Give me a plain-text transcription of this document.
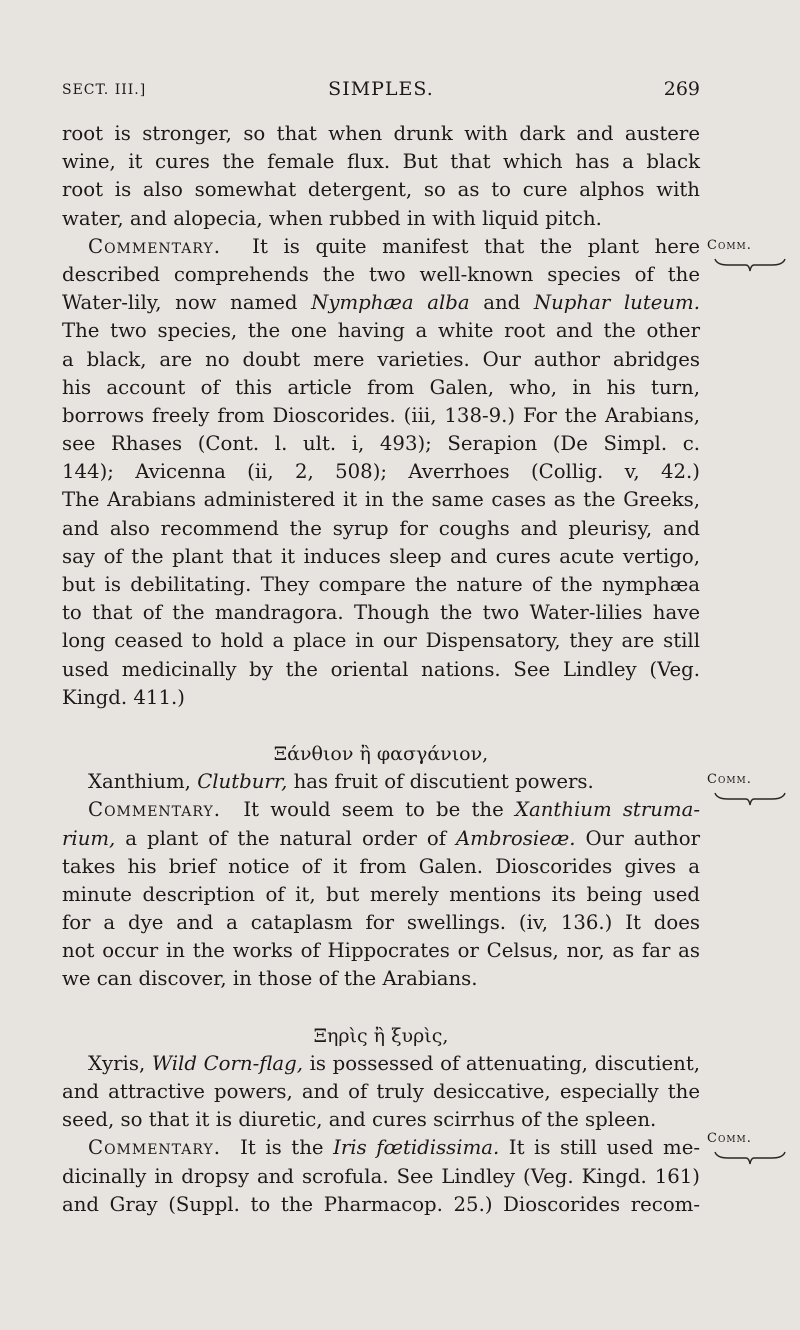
SECT. III.]	SIMPLES.	269
root is stronger, so that when drunk with dark and austere
wine, it cures the female flux. But that which has a black
root is also somewhat detergent, so as to cure alphos with
water, and alopecia, when rubbed in with liquid pitch.
Commentary. It is quite manifest that the plant here
described comprehends the two well-known species of the
Water-lily, now named Nymphæa alba and Nuphar luteum.
The two species, the one having a white root and the other
a black, are no doubt mere varieties. Our author abridges
his account of this article from Galen, who, in his turn,
borrows freely from Dioscorides. (iii, 138-9.) For the Arabians,
see Rhases (Cont. l. ult. i, 493); Serapion (De Simpl. c.
144); Avicenna (ii, 2, 508); Averrhoes (Collig. v, 42.)
The Arabians administered it in the same cases as the Greeks,
and also recommend the syrup for coughs and pleurisy, and
say of the plant that it induces sleep and cures acute vertigo,
but is debilitating. They compare the nature of the nymphæa
to that of the mandragora. Though the two Water-lilies have
long ceased to hold a place in our Dispensatory, they are still
used medicinally by the oriental nations. See Lindley (Veg.
Kingd. 411.)
Ξάνθιον ἢ φασγάνιον,
Xanthium, Clutburr, has fruit of discutient powers.
Commentary. It would seem to be the Xanthium struma-
rium, a plant of the natural order of Ambrosieæ. Our author
takes his brief notice of it from Galen. Dioscorides gives a
minute description of it, but merely mentions its being used
for a dye and a cataplasm for swellings. (iv, 136.) It does
not occur in the works of Hippocrates or Celsus, nor, as far as
we can discover, in those of the Arabians.
Ξηρὶς ἢ ξυρὶς,
Xyris, Wild Corn-flag, is possessed of attenuating, discutient,
and attractive powers, and of truly desiccative, especially the
seed, so that it is diuretic, and cures scirrhus of the spleen.
Commentary. It is the Iris fœtidissima. It is still used me-
dicinally in dropsy and scrofula. See Lindley (Veg. Kingd. 161)
and Gray (Suppl. to the Pharmacop. 25.) Dioscorides recom-
Comm.
Comm.
Comm.
